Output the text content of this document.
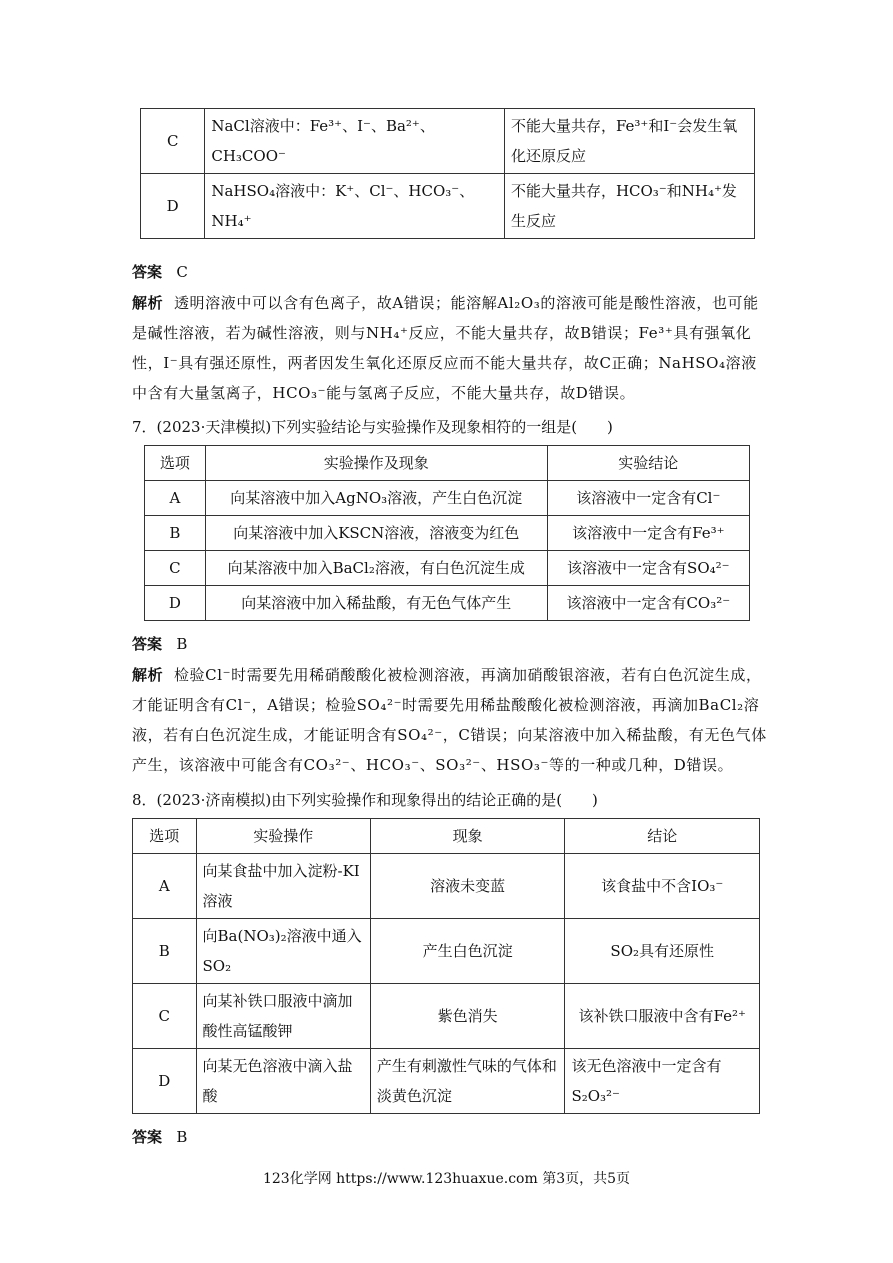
C	NaCl溶液中：Fe³⁺、I⁻、Ba²⁺、CH₃COO⁻	不能大量共存，Fe³⁺和I⁻会发生氧化还原反应
D	NaHSO₄溶液中：K⁺、Cl⁻、HCO₃⁻、NH₄⁺	不能大量共存，HCO₃⁻和NH₄⁺发生反应
答案 C
解析 透明溶液中可以含有色离子，故A错误；能溶解Al₂O₃的溶液可能是酸性溶液，也可能是碱性溶液，若为碱性溶液，则与NH₄⁺反应，不能大量共存，故B错误；Fe³⁺具有强氧化性，I⁻具有强还原性，两者因发生氧化还原反应而不能大量共存，故C正确；NaHSO₄溶液中含有大量氢离子，HCO₃⁻能与氢离子反应，不能大量共存，故D错误。
7．(2023·天津模拟)下列实验结论与实验操作及现象相符的一组是(　　)
选项	实验操作及现象	实验结论
A	向某溶液中加入AgNO₃溶液，产生白色沉淀	该溶液中一定含有Cl⁻
B	向某溶液中加入KSCN溶液，溶液变为红色	该溶液中一定含有Fe³⁺
C	向某溶液中加入BaCl₂溶液，有白色沉淀生成	该溶液中一定含有SO₄²⁻
D	向某溶液中加入稀盐酸，有无色气体产生	该溶液中一定含有CO₃²⁻
答案 B
解析 检验Cl⁻时需要先用稀硝酸酸化被检测溶液，再滴加硝酸银溶液，若有白色沉淀生成，才能证明含有Cl⁻，A错误；检验SO₄²⁻时需要先用稀盐酸酸化被检测溶液，再滴加BaCl₂溶液，若有白色沉淀生成，才能证明含有SO₄²⁻，C错误；向某溶液中加入稀盐酸，有无色气体产生，该溶液中可能含有CO₃²⁻、HCO₃⁻、SO₃²⁻、HSO₃⁻等的一种或几种，D错误。
8．(2023·济南模拟)由下列实验操作和现象得出的结论正确的是(　　)
选项	实验操作	现象	结论
A	向某食盐中加入淀粉-KI溶液	溶液未变蓝	该食盐中不含IO₃⁻
B	向Ba(NO₃)₂溶液中通入SO₂	产生白色沉淀	SO₂具有还原性
C	向某补铁口服液中滴加酸性高锰酸钾	紫色消失	该补铁口服液中含有Fe²⁺
D	向某无色溶液中滴入盐酸	产生有刺激性气味的气体和淡黄色沉淀	该无色溶液中一定含有S₂O₃²⁻
答案 B
123化学网 https://www.123huaxue.com 第3页，共5页
